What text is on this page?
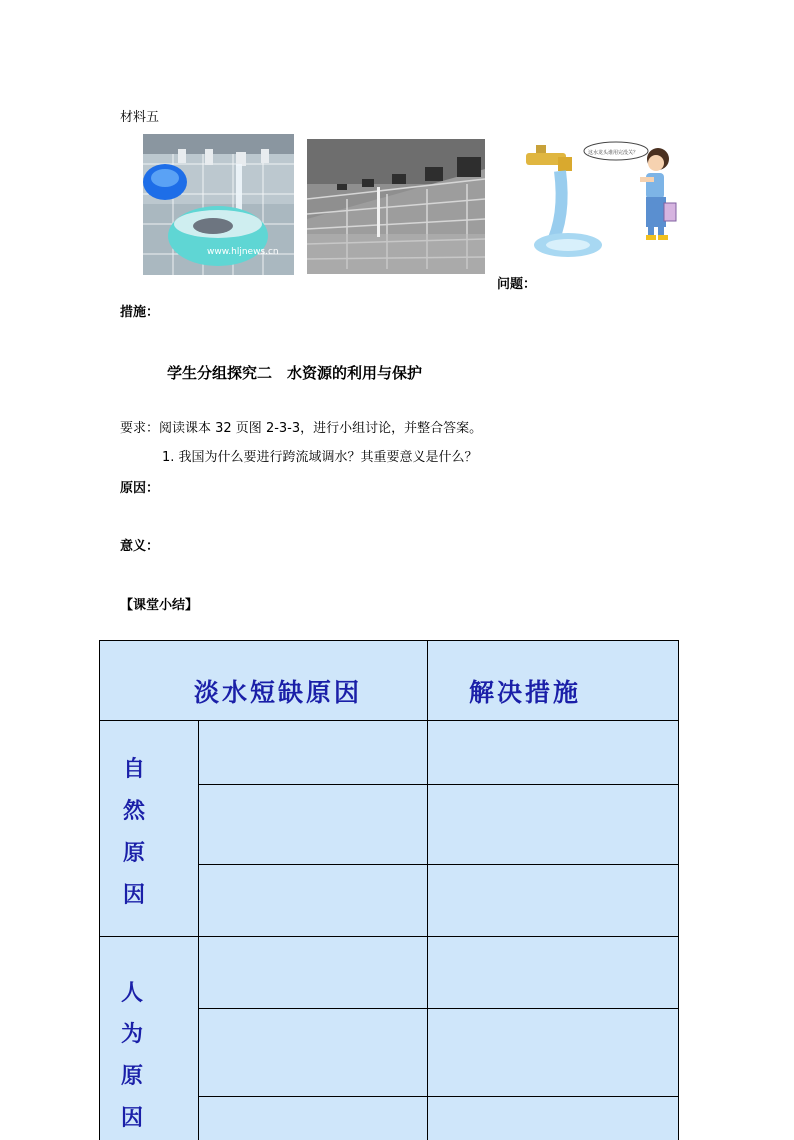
材料五
www.hljnews.cn
这水龙头谁用完没关？
问题：
措施：
学生分组探究二　水资源的利用与保护
要求：阅读课本 32 页图 2-3-3，进行小组讨论，并整合答案。
1. 我国为什么要进行跨流域调水？其重要意义是什么？
原因：
意义：
【课堂小结】
淡水短缺原因	解决措施
自
然
原
因
人
为
原
因
